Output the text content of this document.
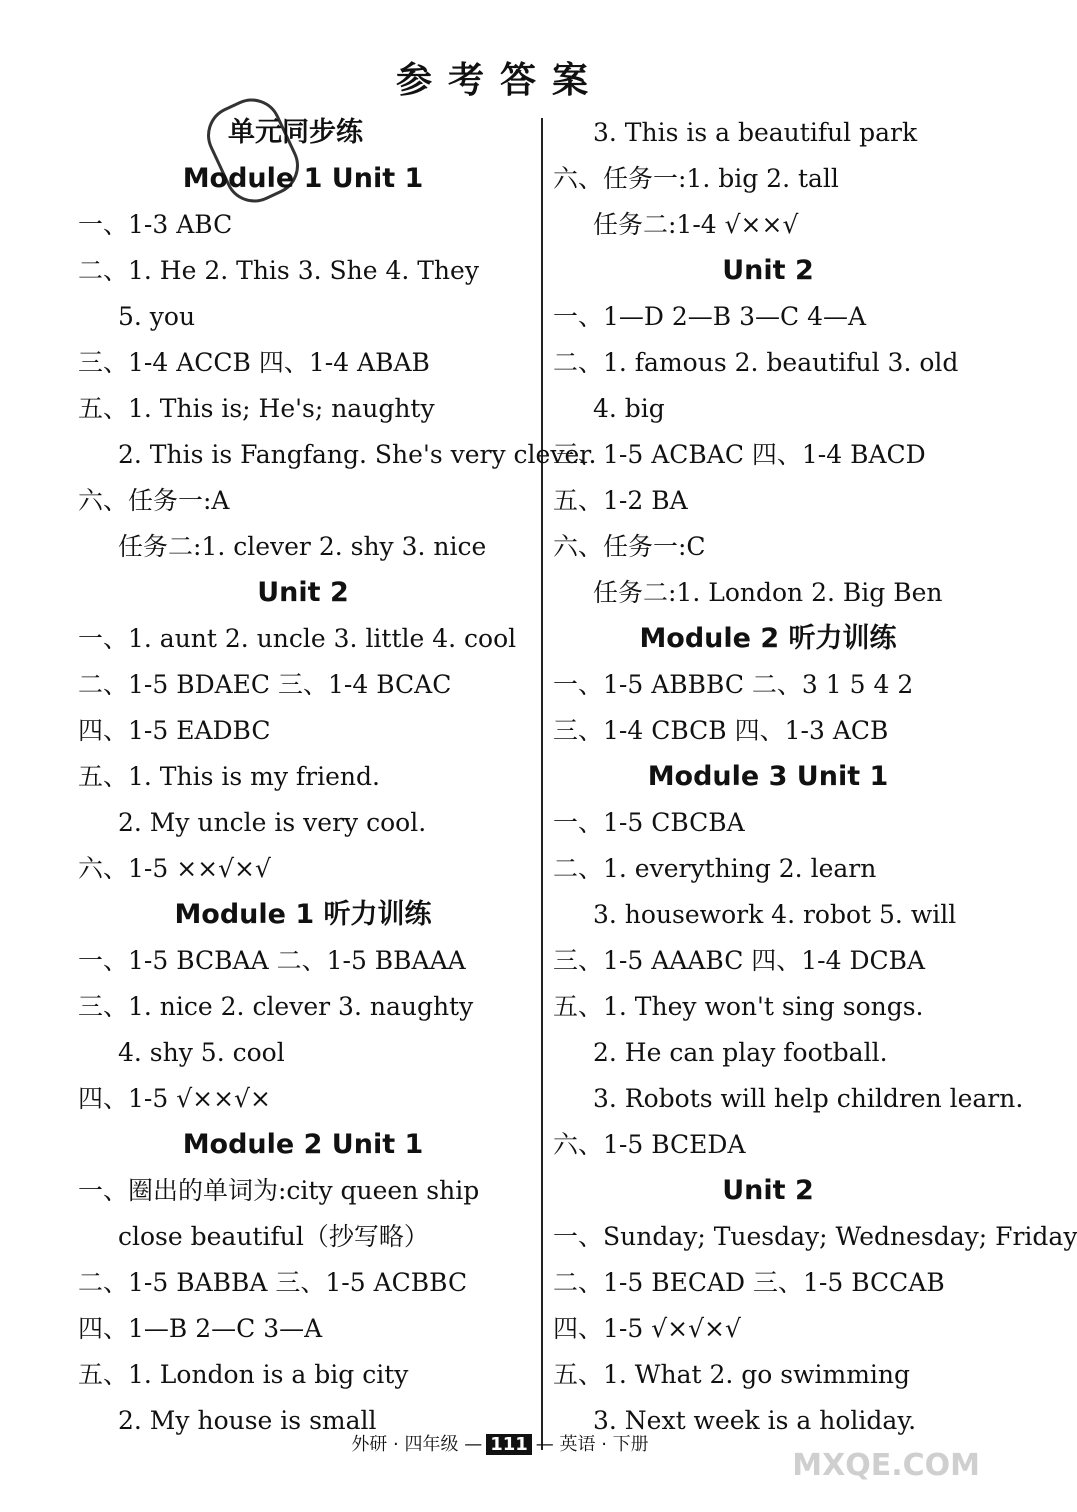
参考答案
单元同步练
Module 1 Unit 1
一、1-3 ABC
二、1. He 2. This 3. She 4. They
5. you
三、1-4 ACCB 四、1-4 ABAB
五、1. This is; He's; naughty
2. This is Fangfang. She's very clever.
六、任务一:A
任务二:1. clever 2. shy 3. nice
Unit 2
一、1. aunt 2. uncle 3. little 4. cool
二、1-5 BDAEC 三、1-4 BCAC
四、1-5 EADBC
五、1. This is my friend.
2. My uncle is very cool.
六、1-5 ××√×√
Module 1 听力训练
一、1-5 BCBAA 二、1-5 BBAAA
三、1. nice 2. clever 3. naughty
4. shy 5. cool
四、1-5 √××√×
Module 2 Unit 1
一、圈出的单词为:city queen ship
close beautiful（抄写略）
二、1-5 BABBA 三、1-5 ACBBC
四、1—B 2—C 3—A
五、1. London is a big city
2. My house is small
3. This is a beautiful park
六、任务一:1. big 2. tall
任务二:1-4 √××√
Unit 2
一、1—D 2—B 3—C 4—A
二、1. famous 2. beautiful 3. old
4. big
三、1-5 ACBAC 四、1-4 BACD
五、1-2 BA
六、任务一:C
任务二:1. London 2. Big Ben
Module 2 听力训练
一、1-5 ABBBC 二、3 1 5 4 2
三、1-4 CBCB 四、1-3 ACB
Module 3 Unit 1
一、1-5 CBCBA
二、1. everything 2. learn
3. housework 4. robot 5. will
三、1-5 AAABC 四、1-4 DCBA
五、1. They won't sing songs.
2. He can play football.
3. Robots will help children learn.
六、1-5 BCEDA
Unit 2
一、Sunday; Tuesday; Wednesday; Friday
二、1-5 BECAD 三、1-5 BCCAB
四、1-5 √×√×√
五、1. What 2. go swimming
3. Next week is a holiday.
外研 · 四年级 — 111 — 英语 · 下册
MXQE.COM
